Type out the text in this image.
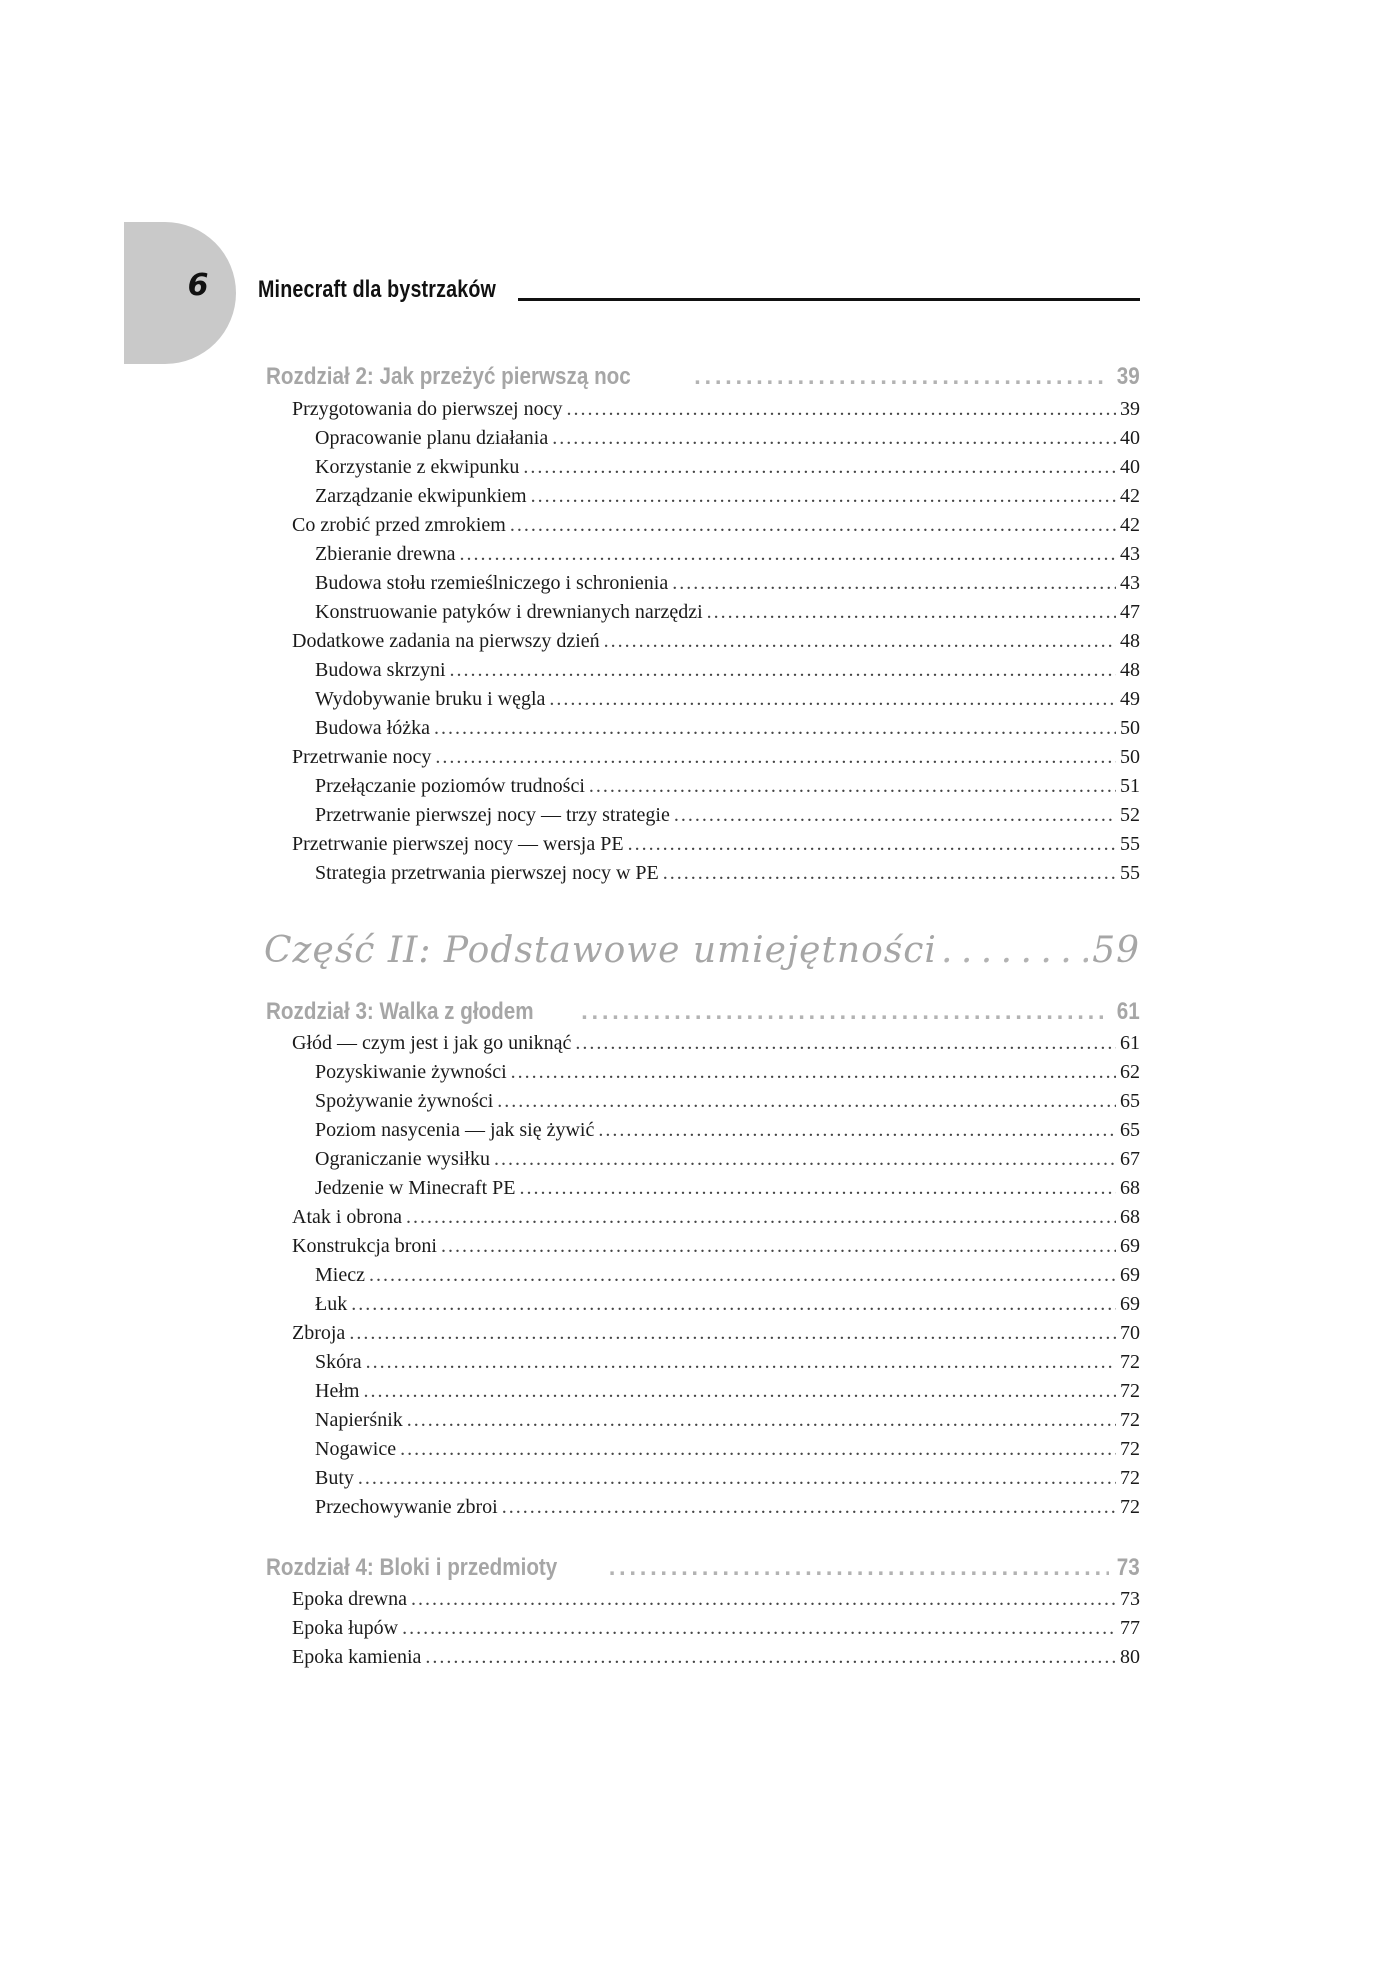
6	Minecraft dla bystrzaków
Rozdział 2: Jak przeżyć pierwszą noc . . .	39
Przygotowania do pierwszej nocy . . .	39
Opracowanie planu działania . . .	40
Korzystanie z ekwipunku . . .	40
Zarządzanie ekwipunkiem . . .	42
Co zrobić przed zmrokiem . . .	42
Zbieranie drewna . . .	43
Budowa stołu rzemieślniczego i schronienia . . .	43
Konstruowanie patyków i drewnianych narzędzi . . .	47
Dodatkowe zadania na pierwszy dzień . . .	48
Budowa skrzyni . . .	48
Wydobywanie bruku i węgla . . .	49
Budowa łóżka . . .	50
Przetrwanie nocy . . .	50
Przełączanie poziomów trudności . . .	51
Przetrwanie pierwszej nocy — trzy strategie . . .	52
Przetrwanie pierwszej nocy — wersja PE . . .	55
Strategia przetrwania pierwszej nocy w PE . . .	55
Część II: Podstawowe umiejętności . . .	59
Rozdział 3: Walka z głodem . . .	61
Głód — czym jest i jak go uniknąć . . .	61
Pozyskiwanie żywności . . .	62
Spożywanie żywności . . .	65
Poziom nasycenia — jak się żywić . . .	65
Ograniczanie wysiłku . . .	67
Jedzenie w Minecraft PE . . .	68
Atak i obrona . . .	68
Konstrukcja broni . . .	69
Miecz . . .	69
Łuk . . .	69
Zbroja . . .	70
Skóra . . .	72
Hełm . . .	72
Napierśnik . . .	72
Nogawice . . .	72
Buty . . .	72
Przechowywanie zbroi . . .	72
Rozdział 4: Bloki i przedmioty . . .	73
Epoka drewna . . .	73
Epoka łupów . . .	77
Epoka kamienia . . .	80
